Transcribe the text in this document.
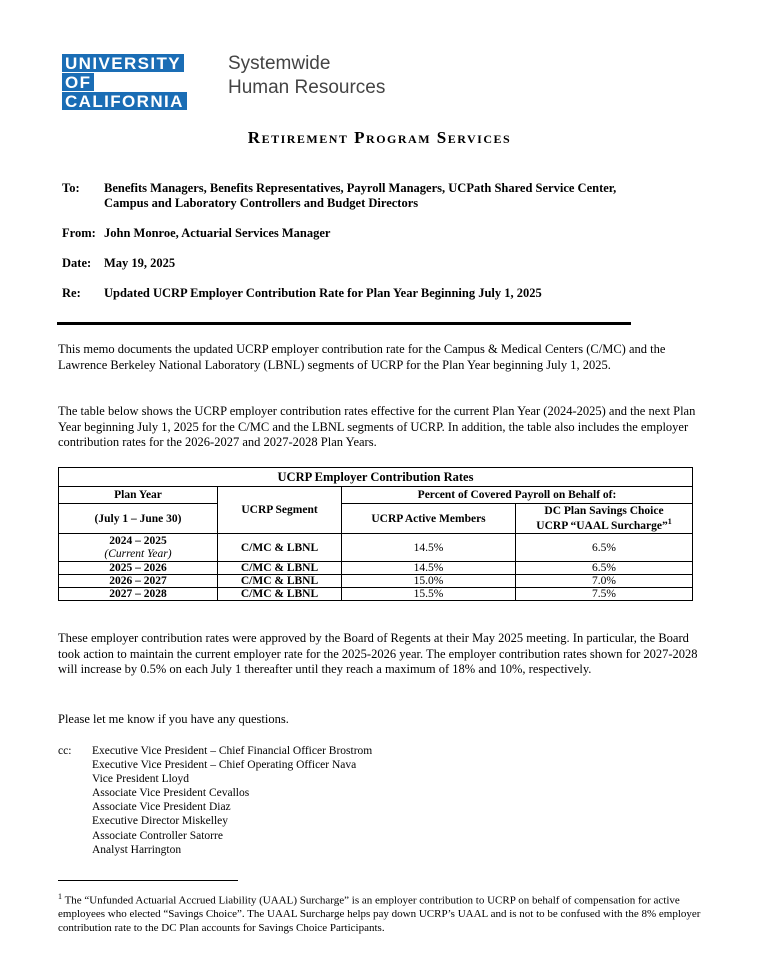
UNIVERSITY
OF
CALIFORNIA
Systemwide
Human Resources
Retirement Program Services
To:	Benefits Managers, Benefits Representatives, Payroll Managers, UCPath Shared Service Center, Campus and Laboratory Controllers and Budget Directors
From: John Monroe, Actuarial Services Manager
Date:	May 19, 2025
Re:	Updated UCRP Employer Contribution Rate for Plan Year Beginning July 1, 2025
This memo documents the updated UCRP employer contribution rate for the Campus & Medical Centers (C/MC) and the Lawrence Berkeley National Laboratory (LBNL) segments of UCRP for the Plan Year beginning July 1, 2025.
The table below shows the UCRP employer contribution rates effective for the current Plan Year (2024-2025) and the next Plan Year beginning July 1, 2025 for the C/MC and the LBNL segments of UCRP. In addition, the table also includes the employer contribution rates for the 2026-2027 and 2027-2028 Plan Years.
UCRP Employer Contribution Rates			
Plan Year	UCRP Segment	Percent of Covered Payroll on Behalf of:	
(July 1 – June 30)		UCRP Active Members	DC Plan Savings Choice
UCRP “UAAL Surcharge”$^1$
2024 – 2025	C/MC & LBNL	14.5%	6.5%
(Current Year)			
2025 – 2026	C/MC & LBNL	14.5%	6.5%
2026 – 2027	C/MC & LBNL	15.0%	7.0%
2027 – 2028	C/MC & LBNL	15.5%	7.5%
These employer contribution rates were approved by the Board of Regents at their May 2025 meeting. In particular, the Board took action to maintain the current employer rate for the 2025-2026 year. The employer contribution rates shown for 2027-2028 will increase by 0.5% on each July 1 thereafter until they reach a maximum of 18% and 10%, respectively.
Please let me know if you have any questions.
cc: Executive Vice President – Chief Financial Officer Brostrom
Executive Vice President – Chief Operating Officer Nava
Vice President Lloyd
Associate Vice President Cevallos
Associate Vice President Diaz
Executive Director Miskelley
Associate Controller Satorre
Analyst Harrington
$^1$ The “Unfunded Actuarial Accrued Liability (UAAL) Surcharge” is an employer contribution to UCRP on behalf of compensation for active employees who elected “Savings Choice”. The UAAL Surcharge helps pay down UCRP’s UAAL and is not to be confused with the 8% employer contribution rate to the DC Plan accounts for Savings Choice Participants.
